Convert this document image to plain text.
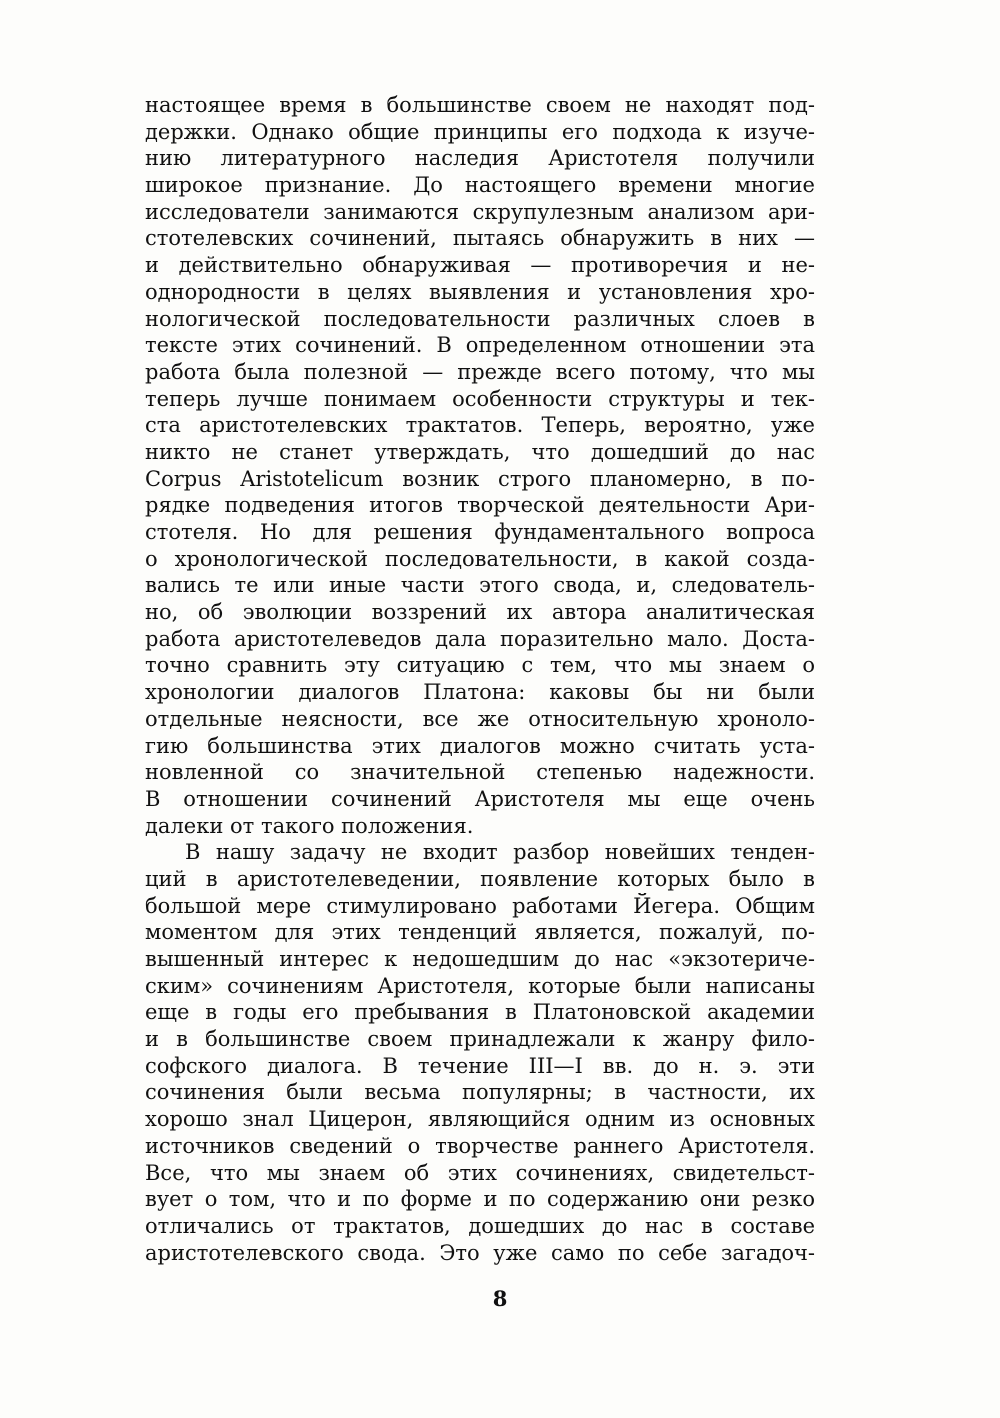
настоящее время в большинстве своем не находят под-
держки. Однако общие принципы его подхода к изуче-
нию литературного наследия Аристотеля получили
широкое признание. До настоящего времени многие
исследователи занимаются скрупулезным анализом ари-
стотелевских сочинений, пытаясь обнаружить в них —
и действительно обнаруживая — противоречия и не-
однородности в целях выявления и установления хро-
нологической последовательности различных слоев в
тексте этих сочинений. В определенном отношении эта
работа была полезной — прежде всего потому, что мы
теперь лучше понимаем особенности структуры и тек-
ста аристотелевских трактатов. Теперь, вероятно, уже
никто не станет утверждать, что дошедший до нас
Corpus Aristotelicum возник строго планомерно, в по-
рядке подведения итогов творческой деятельности Ари-
стотеля. Но для решения фундаментального вопроса
о хронологической последовательности, в какой созда-
вались те или иные части этого свода, и, следователь-
но, об эволюции воззрений их автора аналитическая
работа аристотелеведов дала поразительно мало. Доста-
точно сравнить эту ситуацию с тем, что мы знаем о
хронологии диалогов Платона: каковы бы ни были
отдельные неясности, все же относительную хроноло-
гию большинства этих диалогов можно считать уста-
новленной со значительной степенью надежности.
В отношении сочинений Аристотеля мы еще очень
далеки от такого положения.
В нашу задачу не входит разбор новейших тенден-
ций в аристотелеведении, появление которых было в
большой мере стимулировано работами Йегера. Общим
моментом для этих тенденций является, пожалуй, по-
вышенный интерес к недошедшим до нас «экзотериче-
ским» сочинениям Аристотеля, которые были написаны
еще в годы его пребывания в Платоновской академии
и в большинстве своем принадлежали к жанру фило-
софского диалога. В течение III—I вв. до н. э. эти
сочинения были весьма популярны; в частности, их
хорошо знал Цицерон, являющийся одним из основных
источников сведений о творчестве раннего Аристотеля.
Все, что мы знаем об этих сочинениях, свидетельст-
вует о том, что и по форме и по содержанию они резко
отличались от трактатов, дошедших до нас в составе
аристотелевского свода. Это уже само по себе загадоч-
8
